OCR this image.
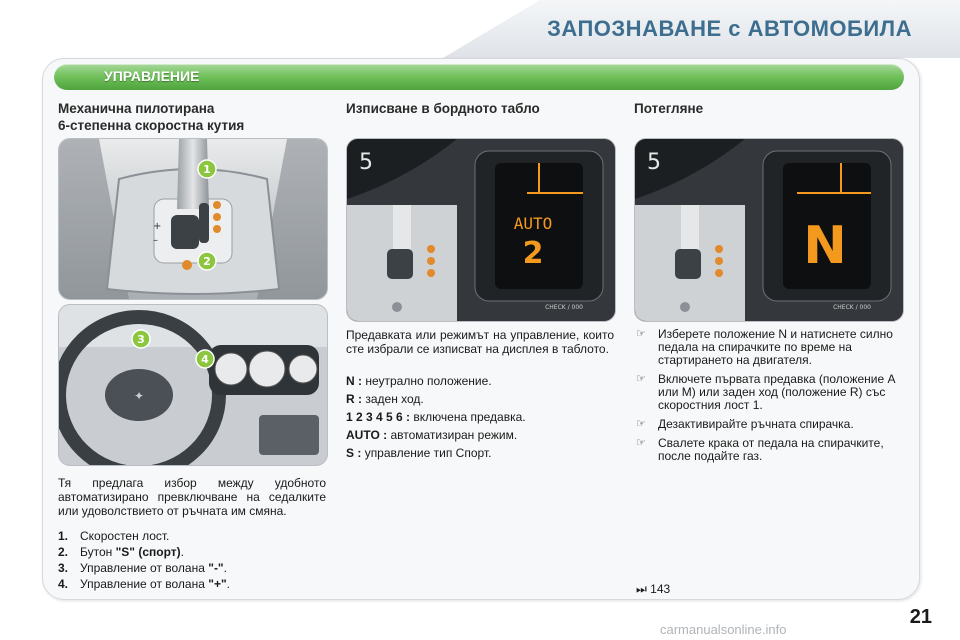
ЗАПОЗНАВАНЕ с АВТОМОБИЛА
УПРАВЛЕНИЕ
Механична пилотирана
6-степенна скоростна кутия
+
–
1
2
✦
3
4
Тя предлага избор между удобното автоматизирано превключване на седалките или удоволствието от ръчната им смяна.
1. Скоростен лост.
2. Бутон "S" (спорт).
3. Управление от волана "-".
4. Управление от волана "+".
Изписване в бордното табло
5
AUTO
2
CHECK / 000
Предавката или режимът на управление, които сте избрали се изписват на дисплея в таблото.
N : неутрално положение.
R : заден ход.
1 2 3 4 5 6 : включена предавка.
AUTO : автоматизиран режим.
S : управление тип Спорт.
Потегляне
5
N
CHECK / 000
☞ Изберете положение N и натиснете силно педала на спирачките по време на стартирането на двигателя.
☞ Включете първата предавка (положение A или M) или заден ход (положение R) със скоростния лост 1.
☞ Дезактивирайте ръчната спирачка.
☞ Свалете крака от педала на спирачките, после подайте газ.
⏭ 143
21
carmanualsonline.info
